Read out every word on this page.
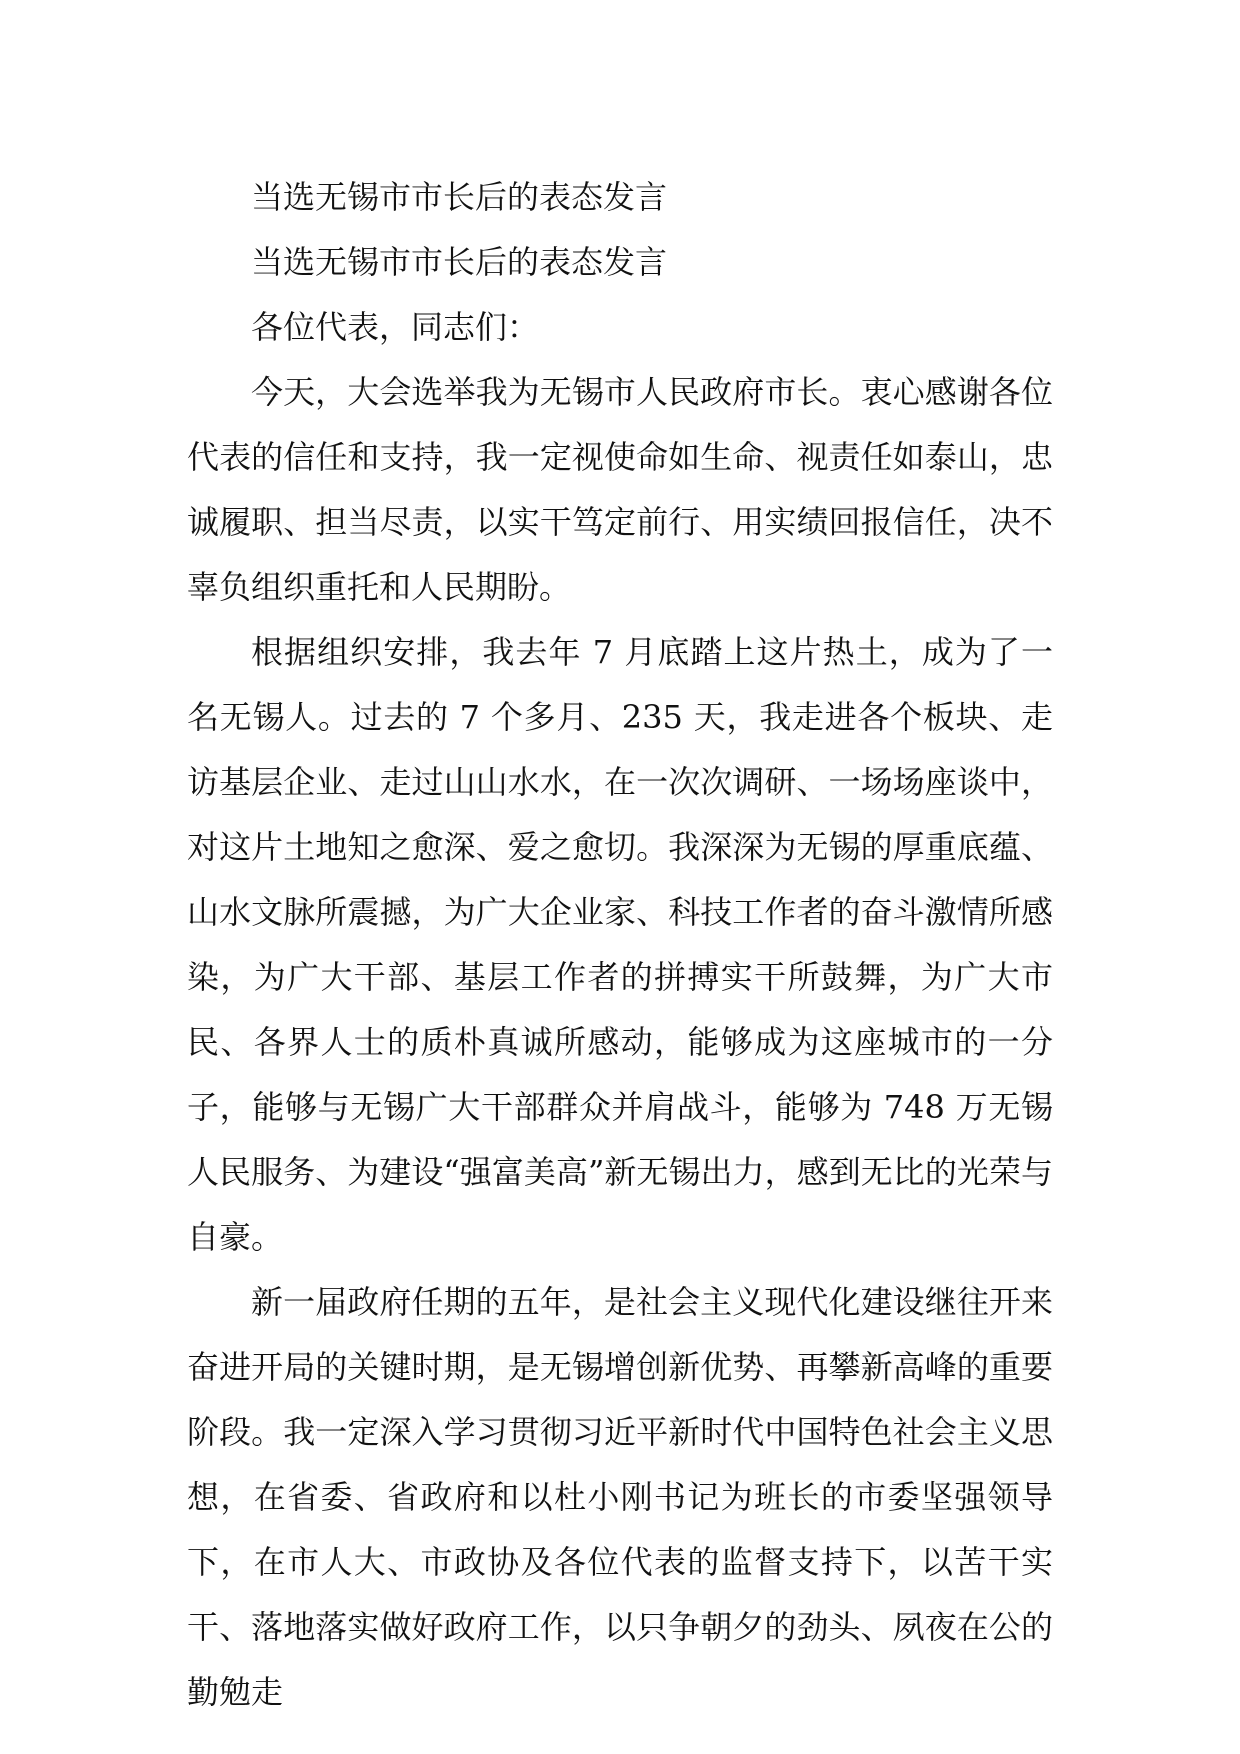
当选无锡市市长后的表态发言

当选无锡市市长后的表态发言

各位代表，同志们：

今天，大会选举我为无锡市人民政府市长。衷心感谢各位代表的信任和支持，我一定视使命如生命、视责任如泰山，忠诚履职、担当尽责，以实干笃定前行、用实绩回报信任，决不辜负组织重托和人民期盼。

根据组织安排，我去年 7 月底踏上这片热土，成为了一名无锡人。过去的 7 个多月、235 天，我走进各个板块、走访基层企业、走过山山水水，在一次次调研、一场场座谈中，对这片土地知之愈深、爱之愈切。我深深为无锡的厚重底蕴、山水文脉所震撼，为广大企业家、科技工作者的奋斗激情所感染，为广大干部、基层工作者的拼搏实干所鼓舞，为广大市民、各界人士的质朴真诚所感动，能够成为这座城市的一分子，能够与无锡广大干部群众并肩战斗，能够为 748 万无锡人民服务、为建设“强富美高”新无锡出力，感到无比的光荣与自豪。

新一届政府任期的五年，是社会主义现代化建设继往开来奋进开局的关键时期，是无锡增创新优势、再攀新高峰的重要阶段。我一定深入学习贯彻习近平新时代中国特色社会主义思想，在省委、省政府和以杜小刚书记为班长的市委坚强领导下，在市人大、市政协及各位代表的监督支持下，以苦干实干、落地落实做好政府工作，以只争朝夕的劲头、夙夜在公的勤勉走
